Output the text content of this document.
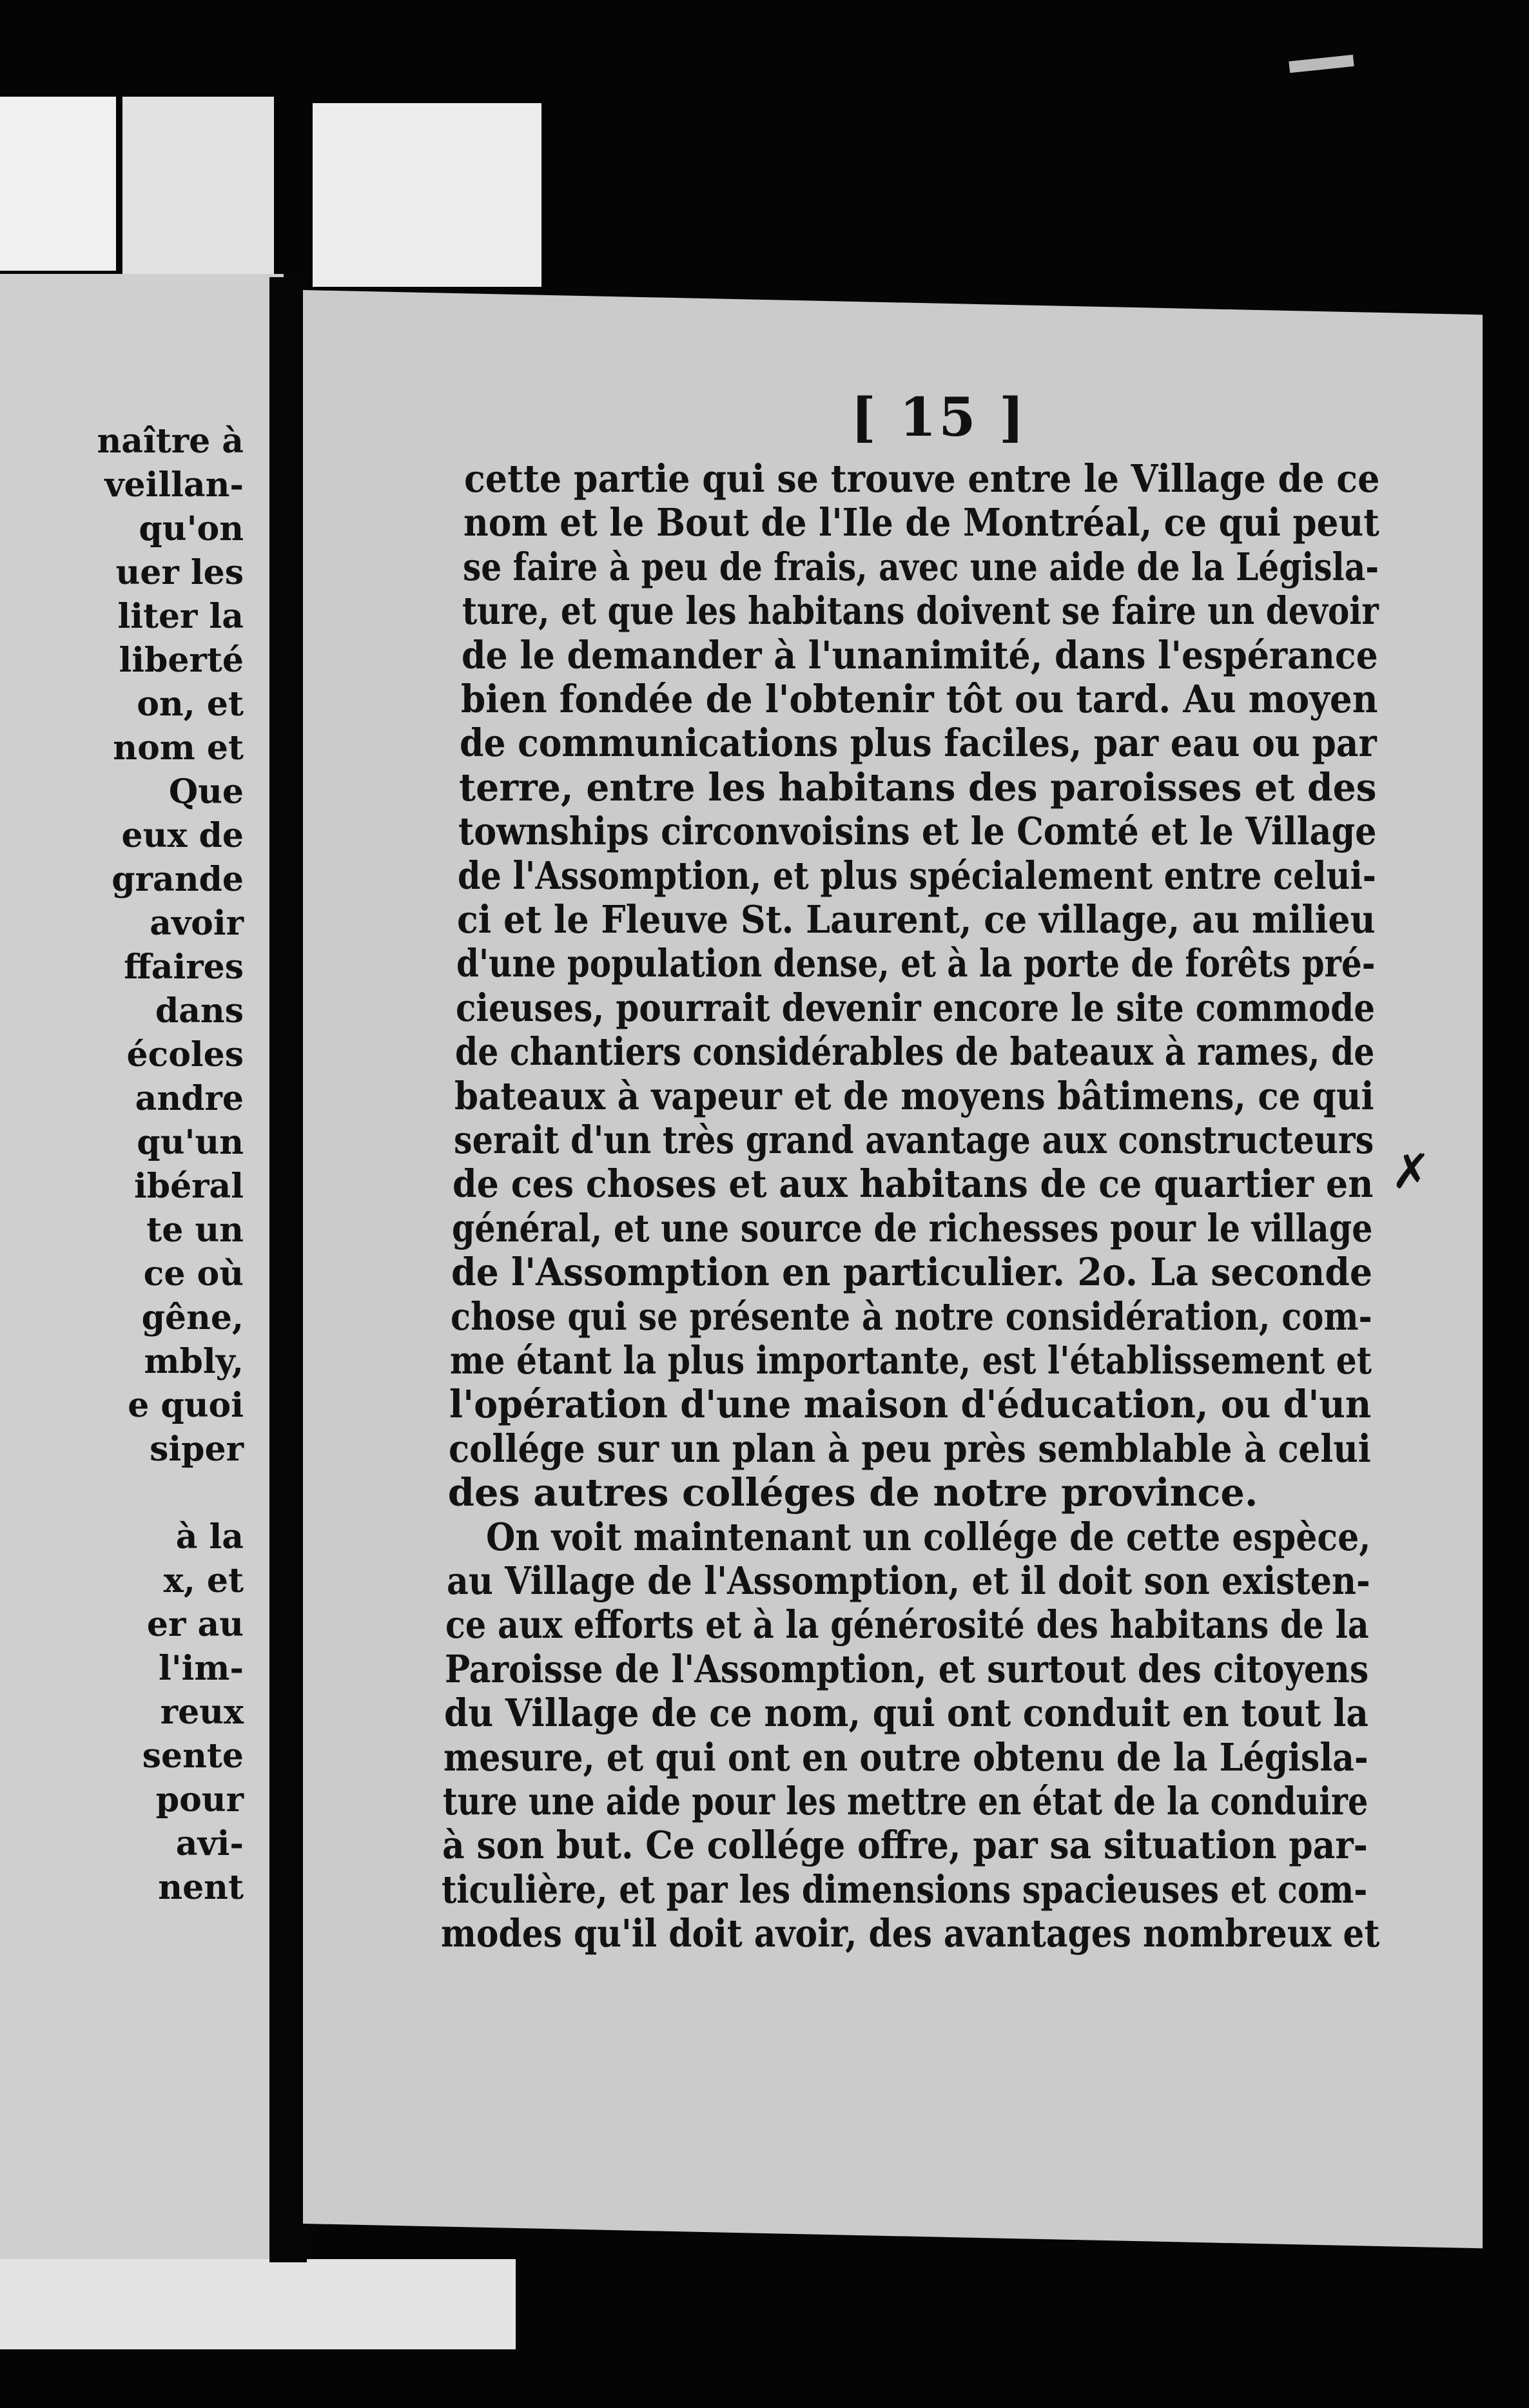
naître à
veillan-
qu'on
uer les
liter la
liberté
on, et
nom et
Que
eux de
grande
avoir
ffaires
dans
écoles
andre
qu'un
ibéral
te un
ce où
gêne,
mbly,
e quoi
siper
à la
x, et
er au
l'im-
reux
sente
pour
avi-
nent
[ 15 ]
cette partie qui se trouve entre le Village de ce
nom et le Bout de l'Ile de Montréal, ce qui peut
se faire à peu de frais, avec une aide de la Législa-
ture, et que les habitans doivent se faire un devoir
de le demander à l'unanimité, dans l'espérance
bien fondée de l'obtenir tôt ou tard. Au moyen
de communications plus faciles, par eau ou par
terre, entre les habitans des paroisses et des
townships circonvoisins et le Comté et le Village
de l'Assomption, et plus spécialement entre celui-
ci et le Fleuve St. Laurent, ce village, au milieu
d'une population dense, et à la porte de forêts pré-
cieuses, pourrait devenir encore le site commode
de chantiers considérables de bateaux à rames, de
bateaux à vapeur et de moyens bâtimens, ce qui
serait d'un très grand avantage aux constructeurs
de ces choses et aux habitans de ce quartier en
général, et une source de richesses pour le village
de l'Assomption en particulier. 2o. La seconde
chose qui se présente à notre considération, com-
me étant la plus importante, est l'établissement et
l'opération d'une maison d'éducation, ou d'un
collége sur un plan à peu près semblable à celui
des autres colléges de notre province.
On voit maintenant un collége de cette espèce,
au Village de l'Assomption, et il doit son existen-
ce aux efforts et à la générosité des habitans de la
Paroisse de l'Assomption, et surtout des citoyens
du Village de ce nom, qui ont conduit en tout la
mesure, et qui ont en outre obtenu de la Législa-
ture une aide pour les mettre en état de la conduire
à son but. Ce collége offre, par sa situation par-
ticulière, et par les dimensions spacieuses et com-
modes qu'il doit avoir, des avantages nombreux et
✗
